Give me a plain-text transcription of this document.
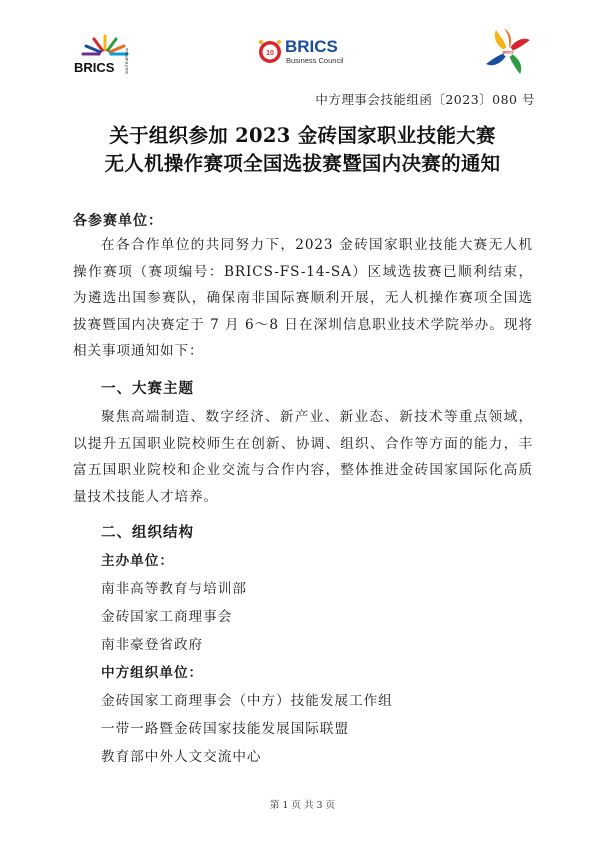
BRICS	SOUTH AFRICA	10 BRICS
Business Council
BRICS
中方理事会技能组函〔2023〕080 号
关于组织参加 2023 金砖国家职业技能大赛
无人机操作赛项全国选拔赛暨国内决赛的通知
各参赛单位：
在各合作单位的共同努力下，2023 金砖国家职业技能大赛无人机操作赛项（赛项编号：BRICS-FS-14-SA）区域选拔赛已顺利结束，为遴选出国参赛队，确保南非国际赛顺利开展，无人机操作赛项全国选拔赛暨国内决赛定于 7 月 6～8 日在深圳信息职业技术学院举办。现将相关事项通知如下：
一、大赛主题
聚焦高端制造、数字经济、新产业、新业态、新技术等重点领域，以提升五国职业院校师生在创新、协调、组织、合作等方面的能力，丰富五国职业院校和企业交流与合作内容，整体推进金砖国家国际化高质量技术技能人才培养。
二、组织结构
主办单位：
南非高等教育与培训部
金砖国家工商理事会
南非豪登省政府
中方组织单位：
金砖国家工商理事会（中方）技能发展工作组
一带一路暨金砖国家技能发展国际联盟
教育部中外人文交流中心
第 1 页 共 3 页
